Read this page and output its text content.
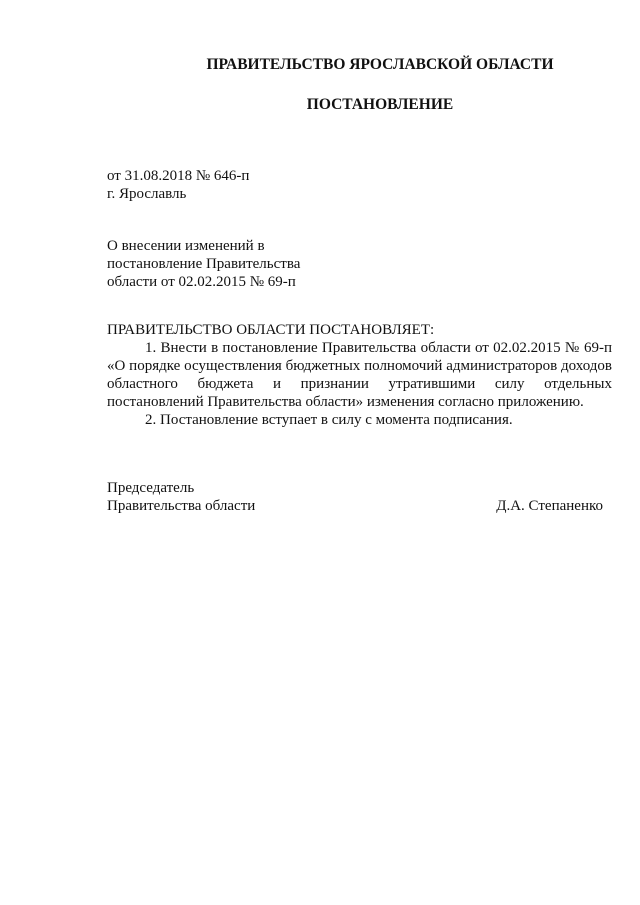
ПРАВИТЕЛЬСТВО ЯРОСЛАВСКОЙ ОБЛАСТИ
ПОСТАНОВЛЕНИЕ
от 31.08.2018 № 646-п
г. Ярославль
О внесении изменений в
постановление Правительства
области от 02.02.2015 № 69-п
ПРАВИТЕЛЬСТВО ОБЛАСТИ ПОСТАНОВЛЯЕТ:

1. Внести в постановление Правительства области от 02.02.2015 № 69-п «О порядке осуществления бюджетных полномочий администраторов доходов областного бюджета и признании утратившими силу отдельных постановлений Правительства области» изменения согласно приложению.

2. Постановление вступает в силу с момента подписания.

Председатель
Правительства области	Д.А. Степаненко
